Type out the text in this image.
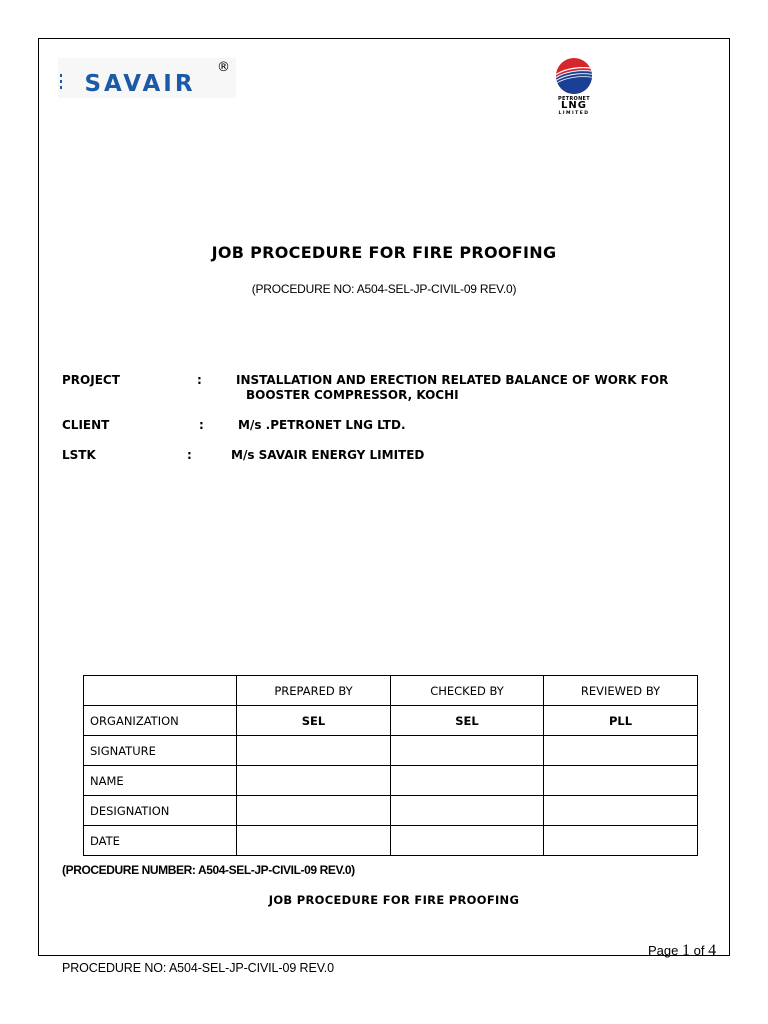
SAVAIR
®
PETRONET
LNG
LIMITED
JOB PROCEDURE FOR FIRE PROOFING
(PROCEDURE NO: A504-SEL-JP-CIVIL-09 REV.0)
PROJECT	:	INSTALLATION AND ERECTION RELATED BALANCE OF WORK FOR
BOOSTER COMPRESSOR, KOCHI
CLIENT	:	M/s .PETRONET LNG LTD.
LSTK	:	M/s SAVAIR ENERGY LIMITED
	PREPARED BY	CHECKED BY	REVIEWED BY
ORGANIZATION	SEL	SEL	PLL
SIGNATURE			
NAME			
DESIGNATION			
DATE			
(PROCEDURE NUMBER: A504-SEL-JP-CIVIL-09 REV.0)
JOB PROCEDURE FOR FIRE PROOFING
Page 1 of 4
PROCEDURE NO: A504-SEL-JP-CIVIL-09 REV.0
